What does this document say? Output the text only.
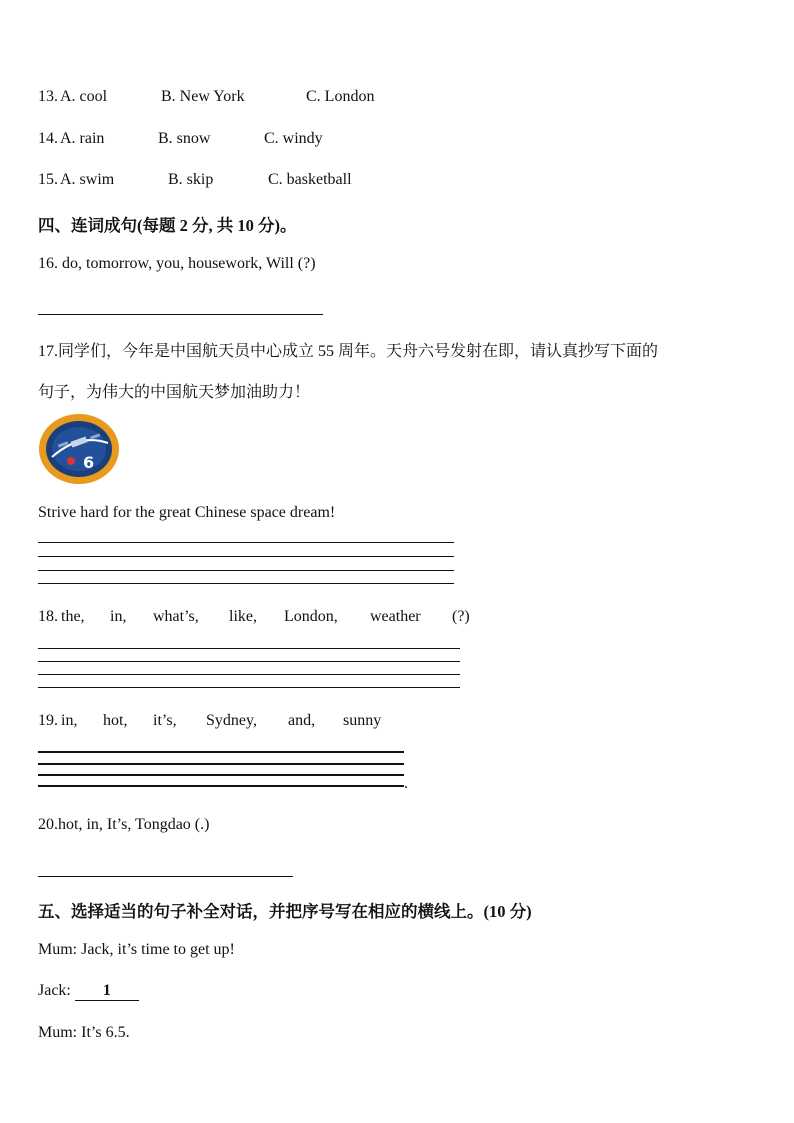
13. A. cool	B. New York	C. London
14. A. rain	B. snow	C. windy
15. A. swim	B. skip	C. basketball
四、连词成句(每题 2 分, 共 10 分)。
16. do, tomorrow, you, housework, Will (?)
17.同学们，今年是中国航天员中心成立 55 周年。天舟六号发射在即，请认真抄写下面的
句子，为伟大的中国航天梦加油助力！
6
Strive hard for the great Chinese space dream!
18. the, in, what’s, like, London, weather (?)
19. in, hot, it’s, Sydney, and, sunny
.
20.hot, in, It’s, Tongdao (.)
五、选择适当的句子补全对话，并把序号写在相应的横线上。(10 分)
Mum: Jack, it’s time to get up!
Jack: 1
Mum: It’s 6.5.
